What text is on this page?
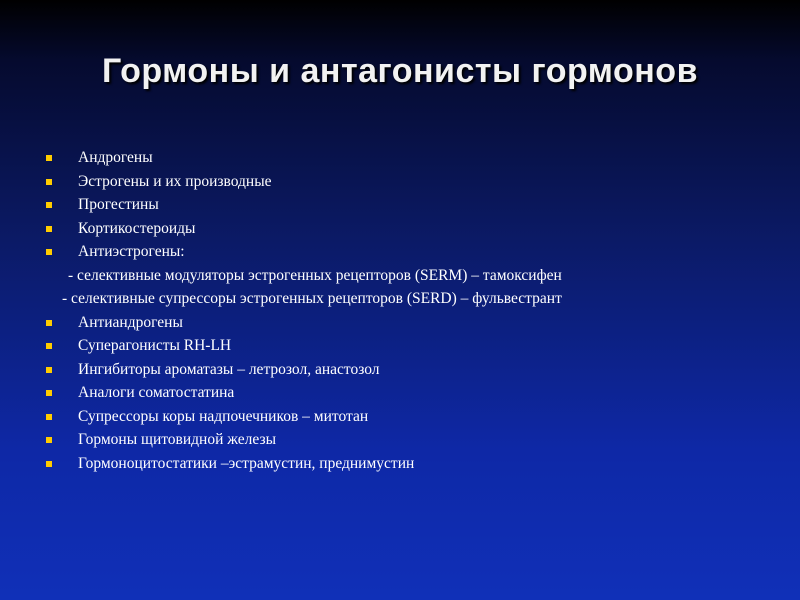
Гормоны и антагонисты гормонов
Андрогены
Эстрогены и их производные
Прогестины
Кортикостероиды
Антиэстрогены:
- селективные модуляторы эстрогенных рецепторов (SERM) – тамоксифен
- селективные супрессоры эстрогенных рецепторов (SERD) – фульвестрант
Антиандрогены
Суперагонисты RH-LH
Ингибиторы ароматазы – летрозол, анастозол
Аналоги соматостатина
Супрессоры коры надпочечников – митотан
Гормоны щитовидной железы
Гормоноцитостатики –эстрамустин, преднимустин
